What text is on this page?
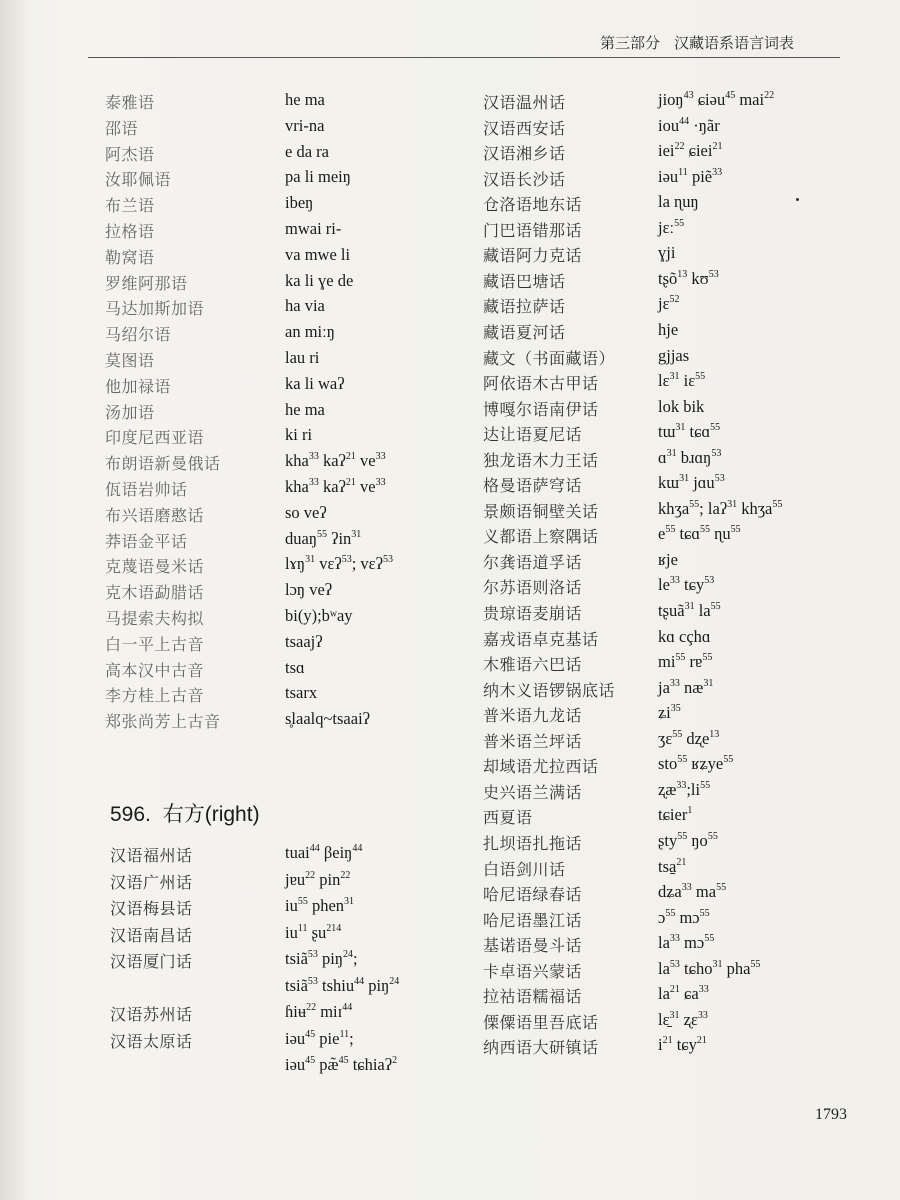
第三部分 汉藏语系语言词表
泰雅语	he ma
邵语	vri-na
阿杰语	e da ra
汝耶佩语	pa li meiŋ
布兰语	ibeŋ
拉格语	mwai ri-
勒窝语	va mwe li
罗维阿那语	ka li ɣe de
马达加斯加语	ha via
马绍尔语	an miːŋ
莫图语	lau ri
他加禄语	ka li waʔ
汤加语	he ma
印度尼西亚语	ki ri
布朗语新曼俄话	kha$^{33}$ kaʔ$^{21}$ $ve^{33}$
佤语岩帅话	kha$^{33}$ kaʔ$^{21}$ $ve^{33}$
布兴语磨憨话	so veʔ
莽语金平话	duaŋ$^{55}$ ʔin$^{31}$
克蔑语曼米话	lɤŋ$^{31}$ vɛʔ$^{53}$; vɛʔ$^{53}$
克木语勐腊话	lɔŋ veʔ
马提索夫构拟	bi(y);bʷay
白一平上古音	tsaajʔ
高本汉中古音	tsɑ
李方桂上古音	tsarx
郑张尚芳上古音	s̥laalq~tsaaiʔ
596. 右方(right)
汉语福州话	tuai$^{44}$ βeiŋ$^{44}$
汉语广州话	jɐu$^{22}$ pin$^{22}$
汉语梅县话	$iu^{55}$ phen$^{31}$
汉语南昌话	$iu^{11}$ ʂu$^{214}$
汉语厦门话	tsiã$^{53}$ piŋ$^{24}$;
tsiã$^{53}$ tshiu$^{44}$ piŋ$^{24}$
汉语苏州话	ɦiʉ$^{22}$ miɪ$^{44}$
汉语太原话	iəu$^{45}$ pie$^{11}$;
iəu$^{45}$ pæ̃$^{45}$ tɕhiaʔ$^2$
汉语温州话	jioŋ$^{43}$ ɕiəu$^{45}$ mai$^{22}$
汉语西安话	iou$^{44}$ ·ŋãr
汉语湘乡话	iei$^{22}$ ɕiei$^{21}$
汉语长沙话	iəu$^{11}$ piẽ$^{33}$
仓洛语地东话	la ɳuŋ
门巴语错那话	jɛː$^{55}$
藏语阿力克话	ɣji
藏语巴塘话	tʂõ$^{13}$ kʊ$^{53}$
藏语拉萨话	jɛ$^{52}$
藏语夏河话	hje
藏文（书面藏语）	gjjas
阿依语木古甲话	lɛ$^{31}$ iɛ$^{55}$
博嘎尔语南伊话	lok bik
达让语夏尼话	tɯ$^{31}$ tɕɑ$^{55}$
独龙语木力王话	ɑ$^{31}$ bɹɑŋ$^{53}$
格曼语萨穹话	kɯ$^{31}$ jɑu$^{53}$
景颇语铜壁关话	khʒa$^{55}$; laʔ$^{31}$ khʒa$^{55}$
义都语上察隅话	$e^{55}$ tɕɑ$^{55}$ ɳu$^{55}$
尔龚语道孚话	ʁje
尔苏语则洛话	$le^{33}$ tɕy$^{53}$
贵琼语麦崩话	tʂuã$^{31}$ $la^{55}$
嘉戎语卓克基话	kɑ cçhɑ
木雅语六巴话	$mi^{55}$ rɐ$^{55}$
纳木义语锣锅底话	$ja^{33}$ $næ^{31}$
普米语九龙话	ʑi$^{35}$
普米语兰坪话	ʒɛ$^{55}$ dʐe$^{13}$
却域语尤拉西话	sto$^{55}$ ʁʑye$^{55}$
史兴语兰满话	$ʐæ^{33};li^{55}$
西夏语	tɕier$^1$
扎坝语扎拖话	ʂty$^{55}$ $ŋo^{55}$
白语剑川话	tsa̱$^{21}$
哈尼语绿春话	dʑa$^{33}$ $ma^{55}$
哈尼语墨江话	ɔ$^{55}$ mɔ$^{55}$
基诺语曼斗话	$la^{33}$ mɔ$^{55}$
卡卓语兴蒙话	$la^{53}$ tɕho$^{31}$ pha$^{55}$
拉祜语糯福话	$la^{21}$ ɕa$^{33}$
傈僳语里吾底话	lɛ̱$^{31}$ ʐɛ$^{33}$
纳西语大研镇话	$i^{21}$ tɕy$^{21}$
1793
